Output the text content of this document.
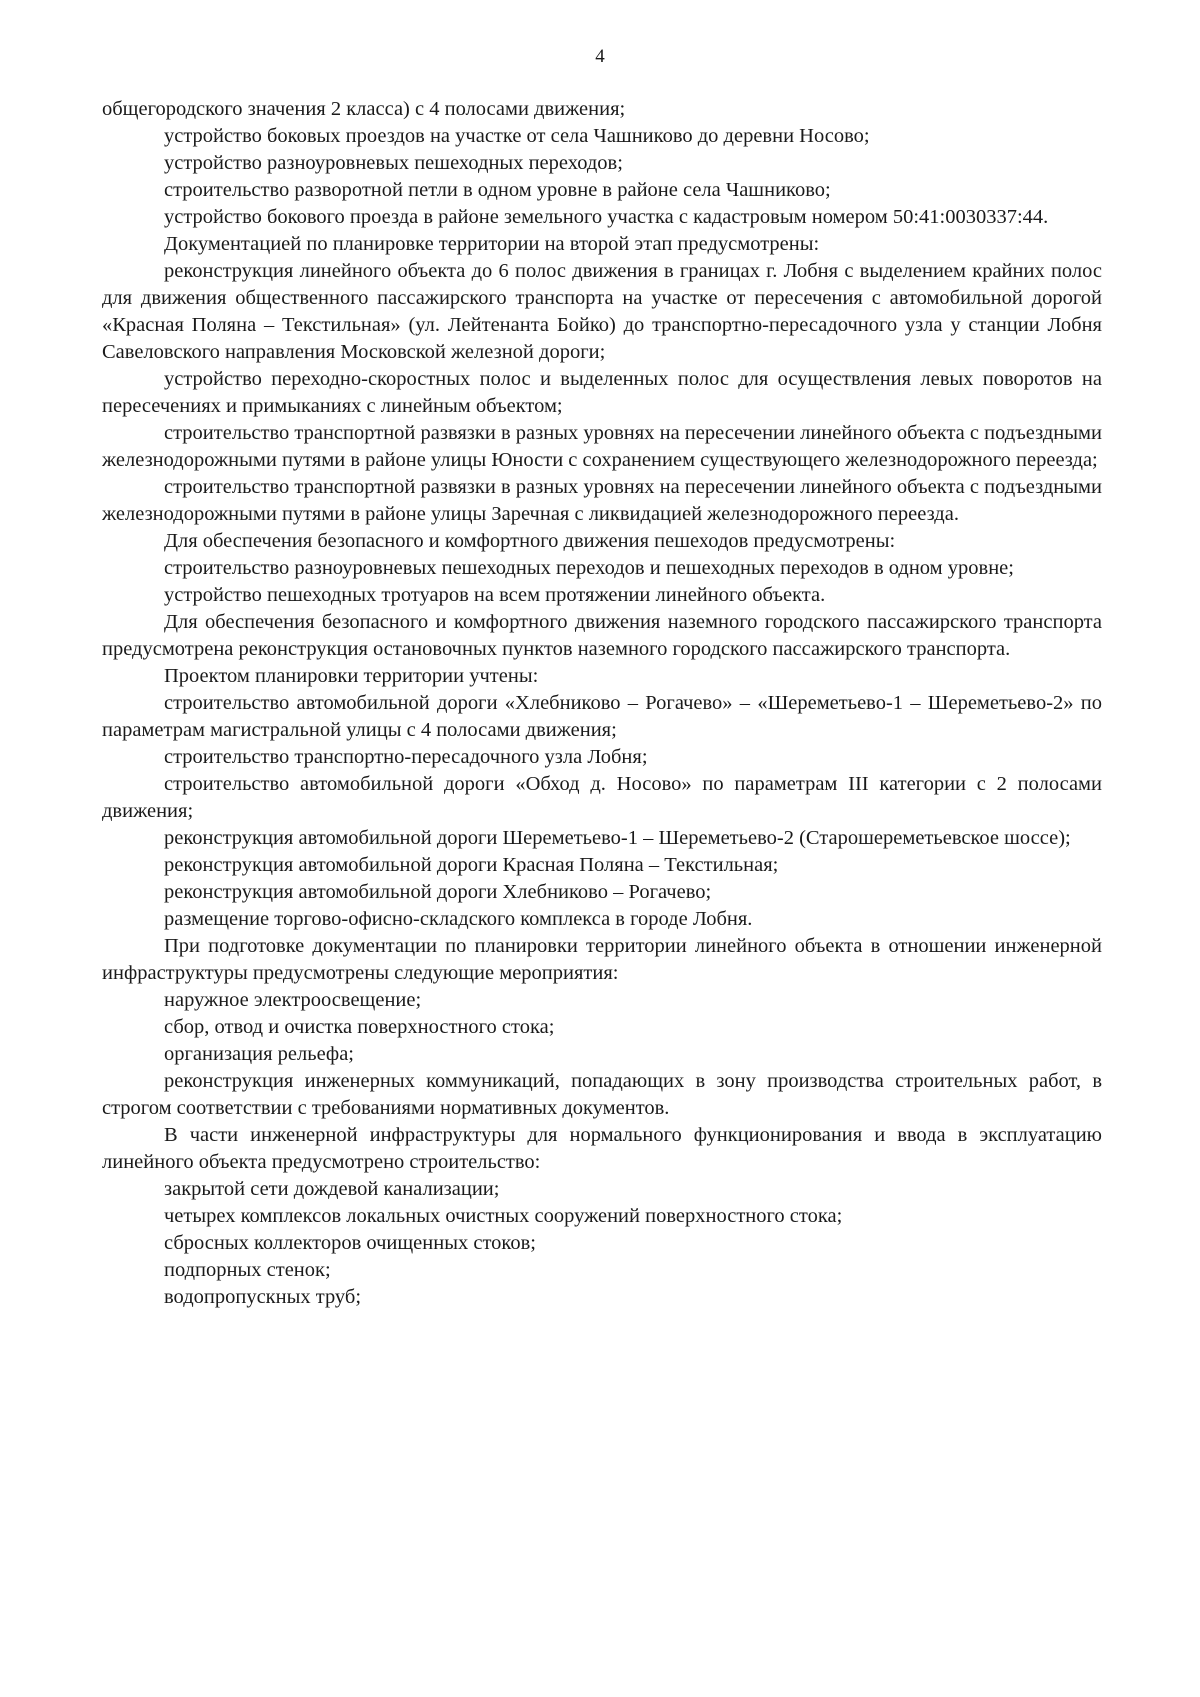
4

общегородского значения 2 класса) с 4 полосами движения;

устройство боковых проездов на участке от села Чашниково до деревни Носово;

устройство разноуровневых пешеходных переходов;

строительство разворотной петли в одном уровне в районе села Чашниково;

устройство бокового проезда в районе земельного участка с кадастровым номером 50:41:0030337:44.

Документацией по планировке территории на второй этап предусмотрены:

реконструкция линейного объекта до 6 полос движения в границах г. Лобня с выделением крайних полос для движения общественного пассажирского транспорта на участке от пересечения с автомобильной дорогой «Красная Поляна – Текстильная» (ул. Лейтенанта Бойко) до транспортно-пересадочного узла у станции Лобня Савеловского направления Московской железной дороги;

устройство переходно-скоростных полос и выделенных полос для осуществления левых поворотов на пересечениях и примыканиях с линейным объектом;

строительство транспортной развязки в разных уровнях на пересечении линейного объекта с подъездными железнодорожными путями в районе улицы Юности с сохранением существующего железнодорожного переезда;

строительство транспортной развязки в разных уровнях на пересечении линейного объекта с подъездными железнодорожными путями в районе улицы Заречная с ликвидацией железнодорожного переезда.

Для обеспечения безопасного и комфортного движения пешеходов предусмотрены:

строительство разноуровневых пешеходных переходов и пешеходных переходов в одном уровне;

устройство пешеходных тротуаров на всем протяжении линейного объекта.

Для обеспечения безопасного и комфортного движения наземного городского пассажирского транспорта предусмотрена реконструкция остановочных пунктов наземного городского пассажирского транспорта.

Проектом планировки территории учтены:

строительство автомобильной дороги «Хлебниково – Рогачево» – «Шереметьево-1 – Шереметьево-2» по параметрам магистральной улицы с 4 полосами движения;

строительство транспортно-пересадочного узла Лобня;

строительство автомобильной дороги «Обход д. Носово» по параметрам III категории с 2 полосами движения;

реконструкция автомобильной дороги Шереметьево-1 – Шереметьево-2 (Старошереметьевское шоссе);

реконструкция автомобильной дороги Красная Поляна – Текстильная;

реконструкция автомобильной дороги Хлебниково – Рогачево;

размещение торгово-офисно-складского комплекса в городе Лобня.

При подготовке документации по планировки территории линейного объекта в отношении инженерной инфраструктуры предусмотрены следующие мероприятия:

наружное электроосвещение;

сбор, отвод и очистка поверхностного стока;

организация рельефа;

реконструкция инженерных коммуникаций, попадающих в зону производства строительных работ, в строгом соответствии с требованиями нормативных документов.

В части инженерной инфраструктуры для нормального функционирования и ввода в эксплуатацию линейного объекта предусмотрено строительство:

закрытой сети дождевой канализации;

четырех комплексов локальных очистных сооружений поверхностного стока;

сбросных коллекторов очищенных стоков;

подпорных стенок;

водопропускных труб;
